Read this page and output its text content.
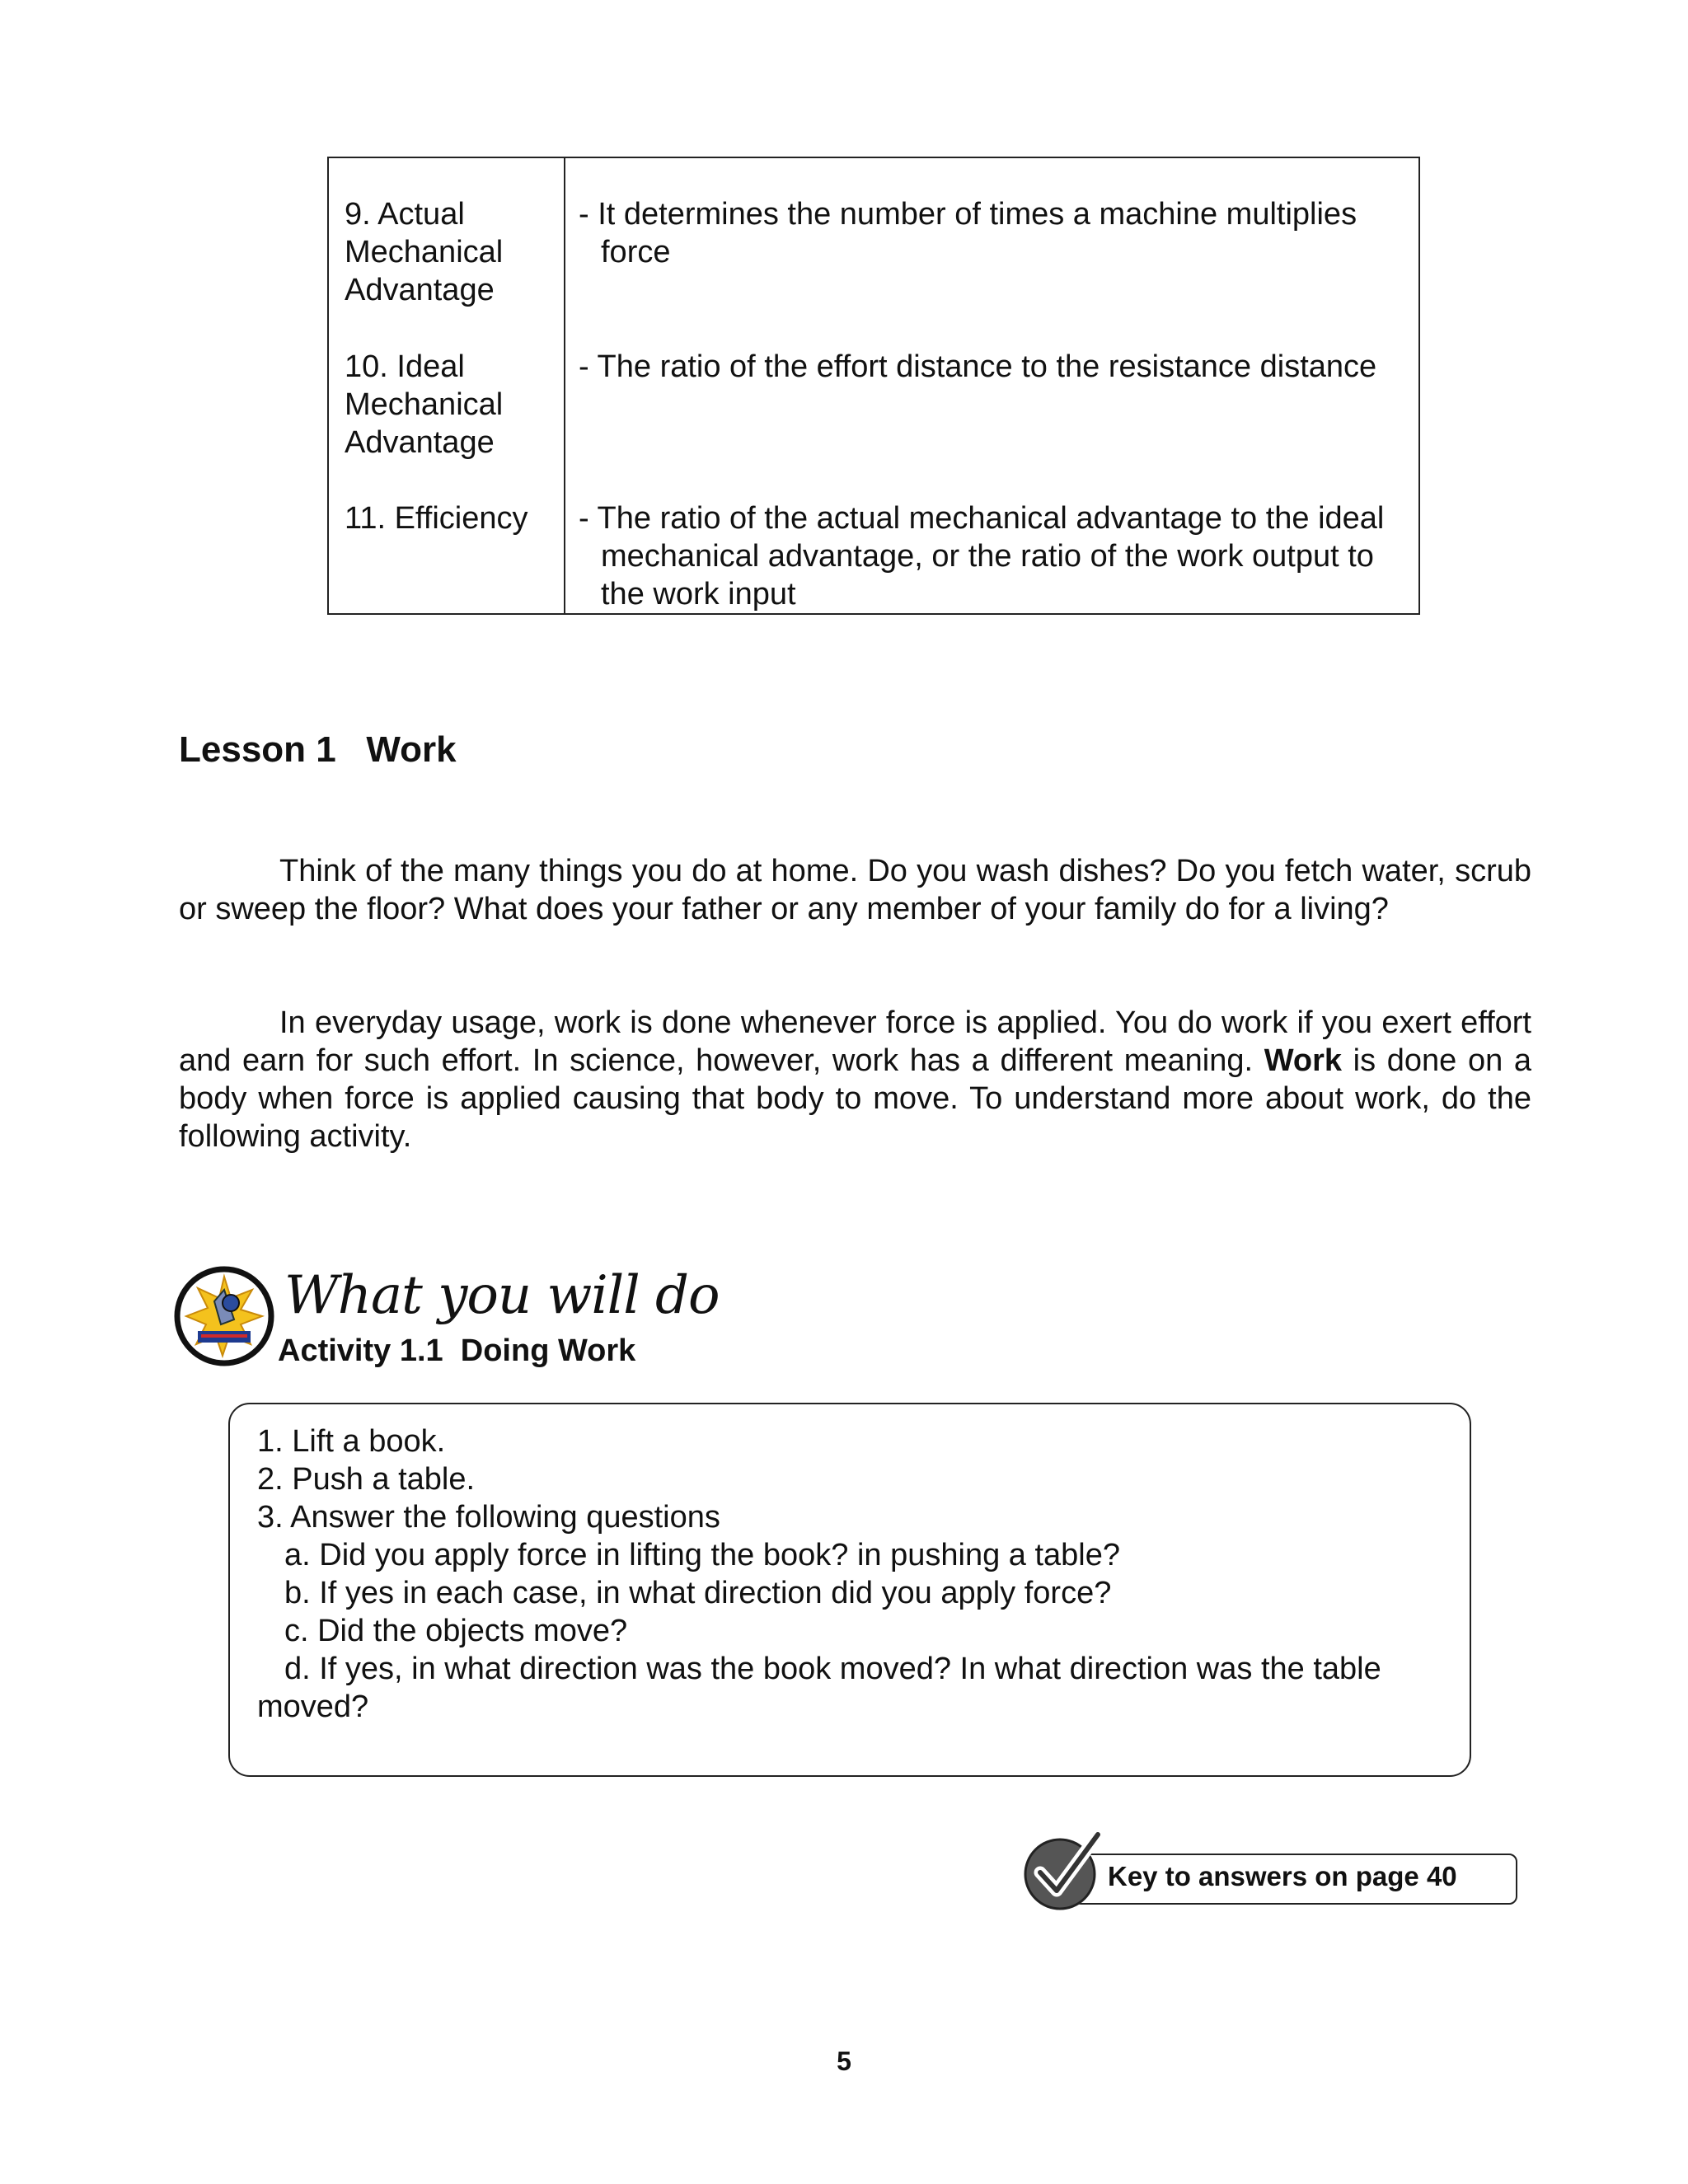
9. Actual
Mechanical
Advantage
- It determines the number of times a machine multiplies force
10. Ideal
Mechanical
Advantage
- The ratio of the effort distance to the resistance distance
11. Efficiency	- The ratio of the actual mechanical advantage to the ideal mechanical advantage, or the ratio of the work output to the work input
Lesson 1   Work

Think of the many things you do at home. Do you wash dishes? Do you fetch water, scrub or sweep the floor? What does your father or any member of your family do for a living?

In everyday usage, work is done whenever force is applied. You do work if you exert effort and earn for such effort. In science, however, work has a different meaning. Work is done on a body when force is applied causing that body to move. To understand more about work, do the following activity.

What you will do
Activity 1.1  Doing Work
1. Lift a book.
2. Push a table.
3. Answer the following questions
a. Did you apply force in lifting the book? in pushing a table?
b. If yes in each case, in what direction did you apply force?
c. Did the objects move?
d. If yes, in what direction was the book moved? In what direction was the table moved?
Key to answers on page 40
5
